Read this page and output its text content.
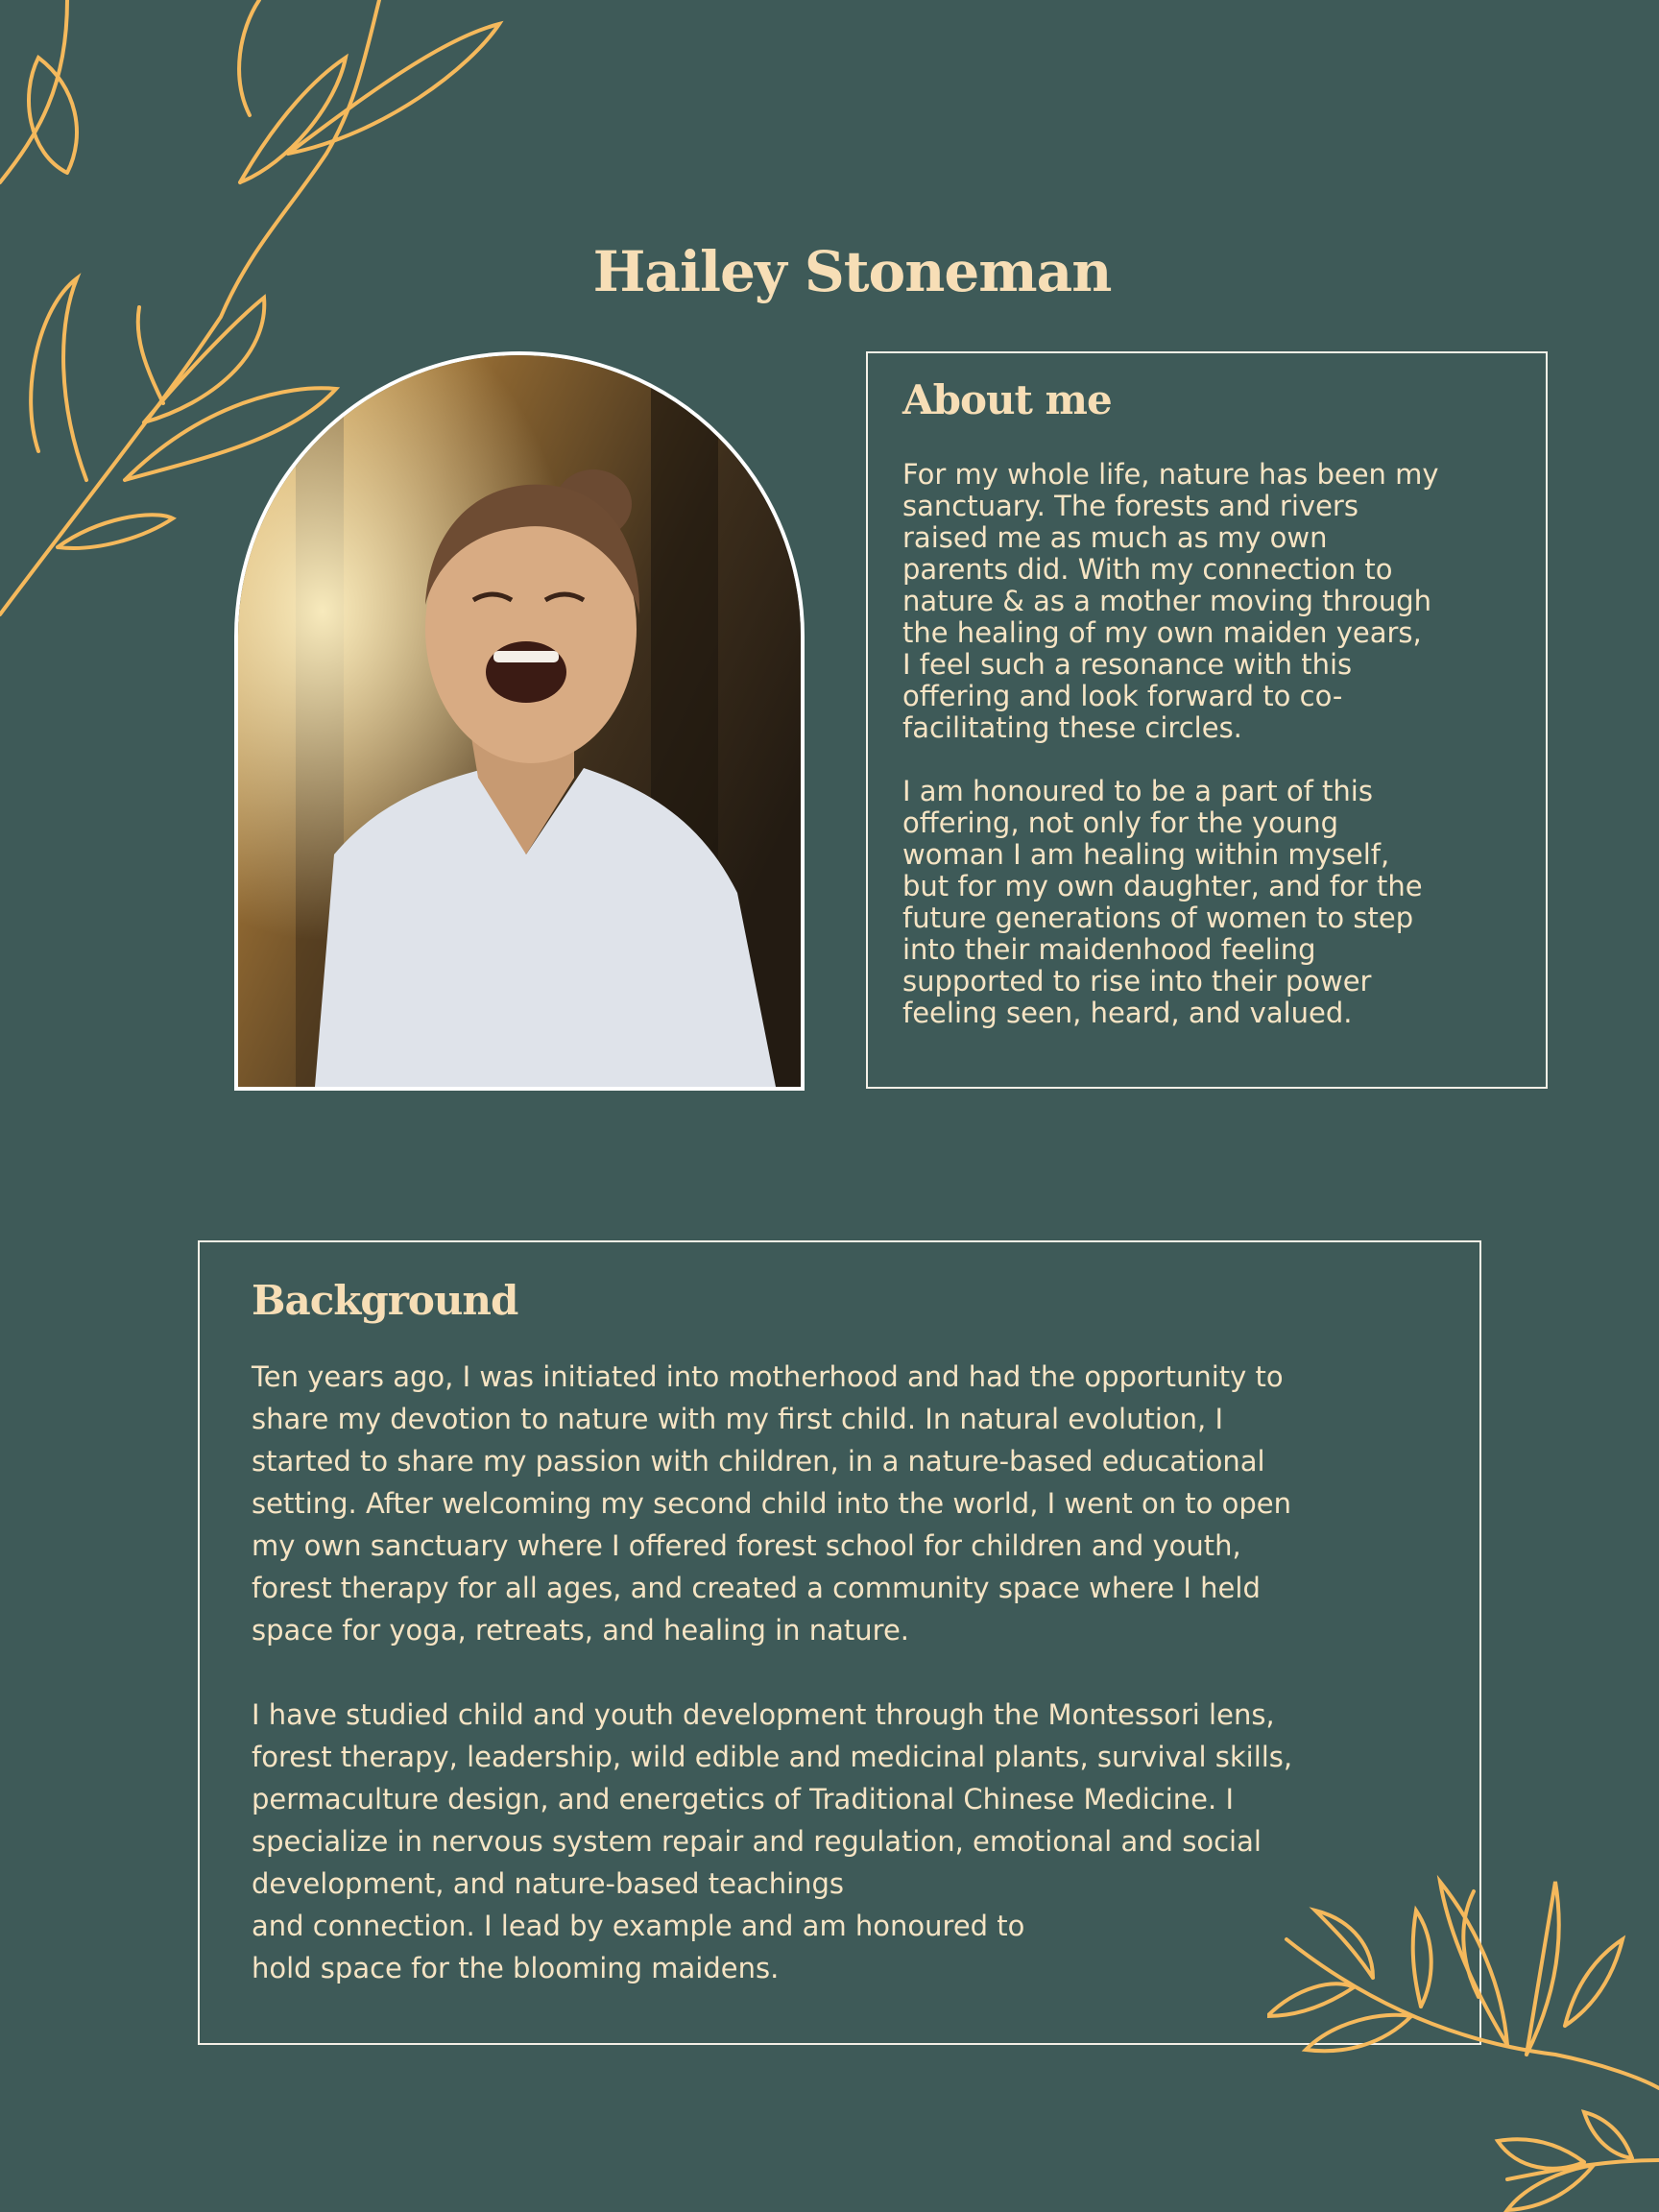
Hailey Stoneman
About me
For my whole life, nature has been my
sanctuary. The forests and rivers
raised me as much as my own
parents did. With my connection to
nature & as a mother moving through
the healing of my own maiden years,
I feel such a resonance with this
offering and look forward to co-
facilitating these circles.

I am honoured to be a part of this
offering, not only for the young
woman I am healing within myself,
but for my own daughter, and for the
future generations of women to step
into their maidenhood feeling
supported to rise into their power
feeling seen, heard, and valued.
Background
Ten years ago, I was initiated into motherhood and had the opportunity to
share my devotion to nature with my first child. In natural evolution, I
started to share my passion with children, in a nature-based educational
setting. After welcoming my second child into the world, I went on to open
my own sanctuary where I offered forest school for children and youth,
forest therapy for all ages, and created a community space where I held
space for yoga, retreats, and healing in nature.

I have studied child and youth development through the Montessori lens,
forest therapy, leadership, wild edible and medicinal plants, survival skills,
permaculture design, and energetics of Traditional Chinese Medicine. I
specialize in nervous system repair and regulation, emotional and social
development, and nature-based teachings
and connection. I lead by example and am honoured to
hold space for the blooming maidens.
